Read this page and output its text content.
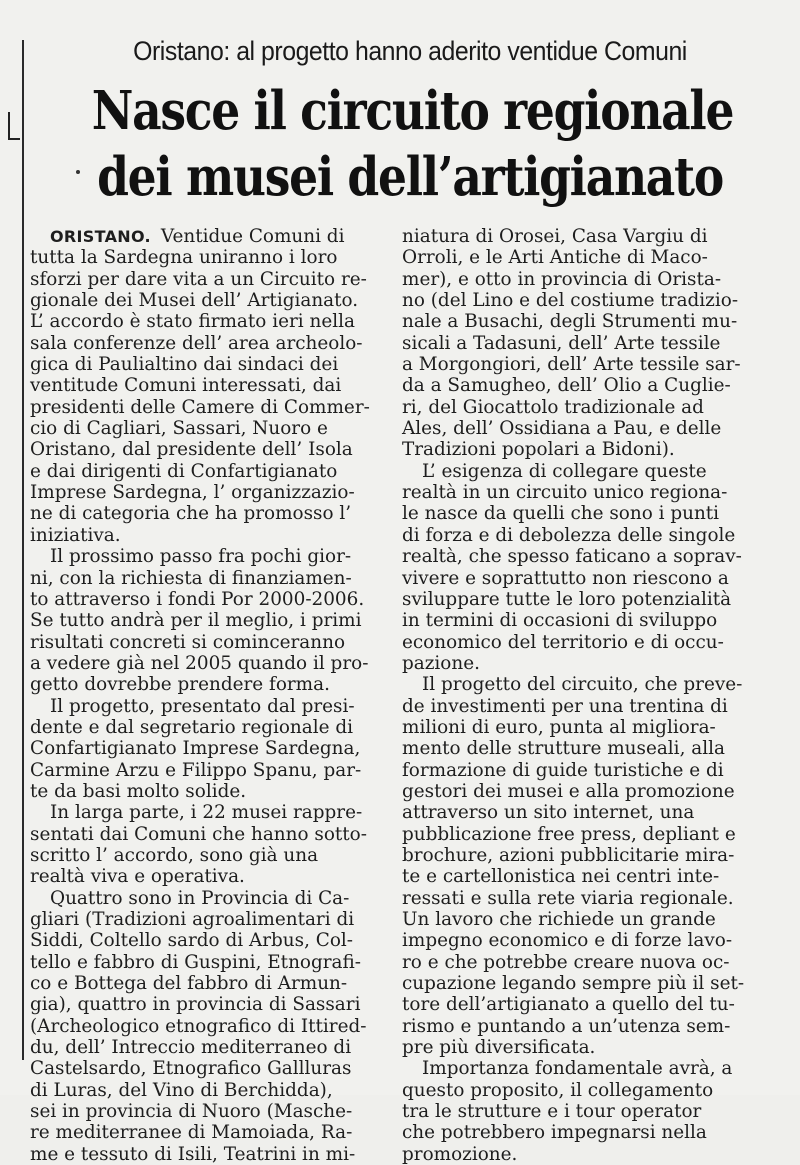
Oristano: al progetto hanno aderito ventidue Comuni
Nasce il circuito regionale
dei musei dell’artigianato
ORISTANO. Ventidue Comuni di
tutta la Sardegna uniranno i loro
sforzi per dare vita a un Circuito re-
gionale dei Musei dell’ Artigianato.
L’ accordo è stato firmato ieri nella
sala conferenze dell’ area archeolo-
gica di Paulialtino dai sindaci dei
ventitude Comuni interessati, dai
presidenti delle Camere di Commer-
cio di Cagliari, Sassari, Nuoro e
Oristano, dal presidente dell’ Isola
e dai dirigenti di Confartigianato
Imprese Sardegna, l’ organizzazio-
ne di categoria che ha promosso l’
iniziativa.
Il prossimo passo fra pochi gior-
ni, con la richiesta di finanziamen-
to attraverso i fondi Por 2000-2006.
Se tutto andrà per il meglio, i primi
risultati concreti si cominceranno
a vedere già nel 2005 quando il pro-
getto dovrebbe prendere forma.
Il progetto, presentato dal presi-
dente e dal segretario regionale di
Confartigianato Imprese Sardegna,
Carmine Arzu e Filippo Spanu, par-
te da basi molto solide.
In larga parte, i 22 musei rappre-
sentati dai Comuni che hanno sotto-
scritto l’ accordo, sono già una
realtà viva e operativa.
Quattro sono in Provincia di Ca-
gliari (Tradizioni agroalimentari di
Siddi, Coltello sardo di Arbus, Col-
tello e fabbro di Guspini, Etnografi-
co e Bottega del fabbro di Armun-
gia), quattro in provincia di Sassari
(Archeologico etnografico di Ittired-
du, dell’ Intreccio mediterraneo di
Castelsardo, Etnografico Gallluras
di Luras, del Vino di Berchidda),
sei in provincia di Nuoro (Masche-
re mediterranee di Mamoiada, Ra-
me e tessuto di Isili, Teatrini in mi-
niatura di Orosei, Casa Vargiu di
Orroli, e le Arti Antiche di Maco-
mer), e otto in provincia di Orista-
no (del Lino e del costiume tradizio-
nale a Busachi, degli Strumenti mu-
sicali a Tadasuni, dell’ Arte tessile
a Morgongiori, dell’ Arte tessile sar-
da a Samugheo, dell’ Olio a Cuglie-
ri, del Giocattolo tradizionale ad
Ales, dell’ Ossidiana a Pau, e delle
Tradizioni popolari a Bidoni).
L’ esigenza di collegare queste
realtà in un circuito unico regiona-
le nasce da quelli che sono i punti
di forza e di debolezza delle singole
realtà, che spesso faticano a soprav-
vivere e soprattutto non riescono a
sviluppare tutte le loro potenzialità
in termini di occasioni di sviluppo
economico del territorio e di occu-
pazione.
Il progetto del circuito, che preve-
de investimenti per una trentina di
milioni di euro, punta al migliora-
mento delle strutture museali, alla
formazione di guide turistiche e di
gestori dei musei e alla promozione
attraverso un sito internet, una
pubblicazione free press, depliant e
brochure, azioni pubblicitarie mira-
te e cartellonistica nei centri inte-
ressati e sulla rete viaria regionale.
Un lavoro che richiede un grande
impegno economico e di forze lavo-
ro e che potrebbe creare nuova oc-
cupazione legando sempre più il set-
tore dell’artigianato a quello del tu-
rismo e puntando a un’utenza sem-
pre più diversificata.
Importanza fondamentale avrà, a
questo proposito, il collegamento
tra le strutture e i tour operator
che potrebbero impegnarsi nella
promozione.
